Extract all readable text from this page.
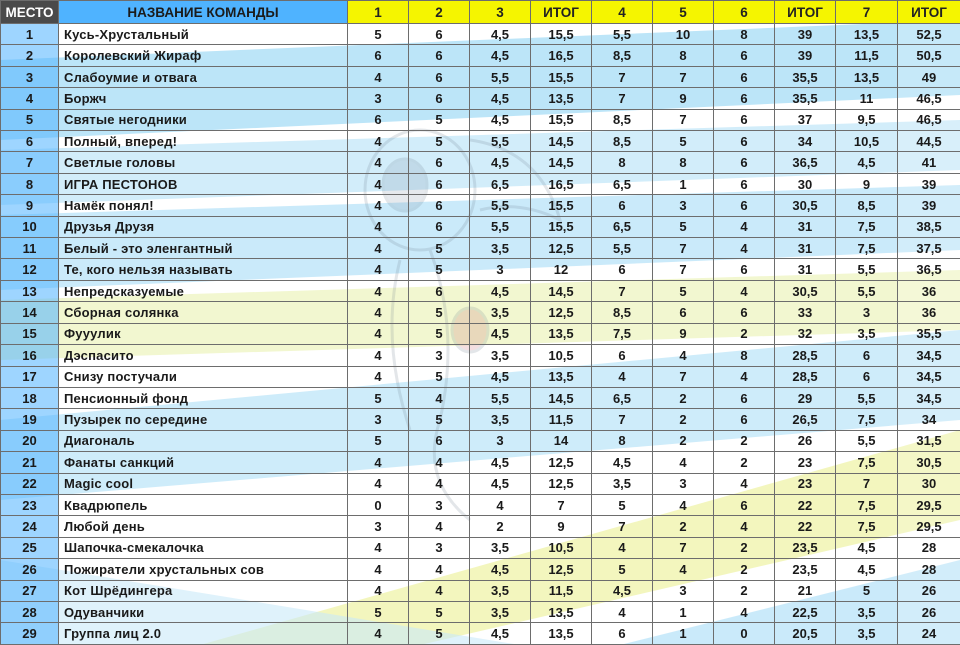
МЕСТО	НАЗВАНИЕ КОМАНДЫ	1	2	3	ИТОГ	4	5	6	ИТОГ	7	ИТОГ
1	Кусь-Хрустальный	5	6	4,5	15,5	5,5	10	8	39	13,5	52,5
2	Королевский Жираф	6	6	4,5	16,5	8,5	8	6	39	11,5	50,5
3	Слабоумие и отвага	4	6	5,5	15,5	7	7	6	35,5	13,5	49
4	Боржч	3	6	4,5	13,5	7	9	6	35,5	11	46,5
5	Святые негодники	6	5	4,5	15,5	8,5	7	6	37	9,5	46,5
6	Полный, вперед!	4	5	5,5	14,5	8,5	5	6	34	10,5	44,5
7	Светлые головы	4	6	4,5	14,5	8	8	6	36,5	4,5	41
8	ИГРА ПЕСТОНОВ	4	6	6,5	16,5	6,5	1	6	30	9	39
9	Намёк понял!	4	6	5,5	15,5	6	3	6	30,5	8,5	39
10	Друзья Друзя	4	6	5,5	15,5	6,5	5	4	31	7,5	38,5
11	Белый - это эленгантный	4	5	3,5	12,5	5,5	7	4	31	7,5	37,5
12	Те, кого нельзя называть	4	5	3	12	6	7	6	31	5,5	36,5
13	Непредсказуемые	4	6	4,5	14,5	7	5	4	30,5	5,5	36
14	Сборная солянка	4	5	3,5	12,5	8,5	6	6	33	3	36
15	Фууулик	4	5	4,5	13,5	7,5	9	2	32	3,5	35,5
16	Дэспасито	4	3	3,5	10,5	6	4	8	28,5	6	34,5
17	Снизу постучали	4	5	4,5	13,5	4	7	4	28,5	6	34,5
18	Пенсионный фонд	5	4	5,5	14,5	6,5	2	6	29	5,5	34,5
19	Пузырек по середине	3	5	3,5	11,5	7	2	6	26,5	7,5	34
20	Диагональ	5	6	3	14	8	2	2	26	5,5	31,5
21	Фанаты санкций	4	4	4,5	12,5	4,5	4	2	23	7,5	30,5
22	Magic cool	4	4	4,5	12,5	3,5	3	4	23	7	30
23	Квадрюпель	0	3	4	7	5	4	6	22	7,5	29,5
24	Любой день	3	4	2	9	7	2	4	22	7,5	29,5
25	Шапочка-смекалочка	4	3	3,5	10,5	4	7	2	23,5	4,5	28
26	Пожиратели хрустальных сов	4	4	4,5	12,5	5	4	2	23,5	4,5	28
27	Кот Шрёдингера	4	4	3,5	11,5	4,5	3	2	21	5	26
28	Одуванчики	5	5	3,5	13,5	4	1	4	22,5	3,5	26
29	Группа лиц 2.0	4	5	4,5	13,5	6	1	0	20,5	3,5	24
